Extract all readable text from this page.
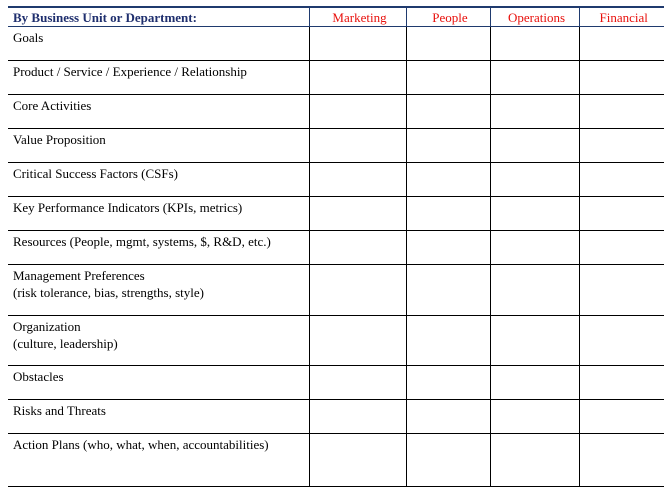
By Business Unit or Department:	Marketing	People	Operations	Financial
Goals				
Product / Service / Experience / Relationship				
Core Activities				
Value Proposition				
Critical Success Factors (CSFs)				
Key Performance Indicators (KPIs, metrics)				
Resources (People, mgmt, systems, $, R&D, etc.)				
Management Preferences
(risk tolerance, bias, strengths, style)				

Organization
(culture, leadership)				

Obstacles				
Risks and Threats				
Action Plans (who, what, when, accountabilities)				
